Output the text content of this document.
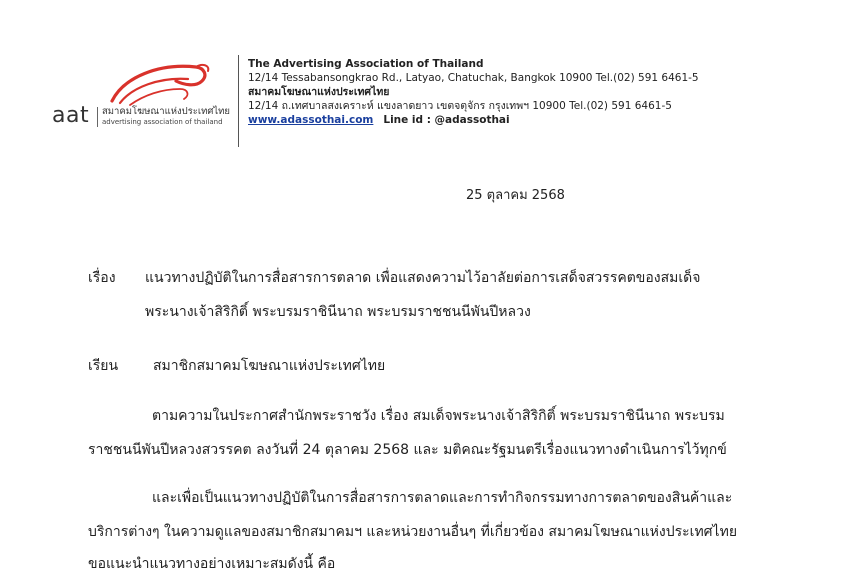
aat สมาคมโฆษณาแห่งประเทศไทย
advertising association of thailand
The Advertising Association of Thailand
12/14 Tessabansongkrao Rd., Latyao, Chatuchak, Bangkok 10900 Tel.(02) 591 6461-5
สมาคมโฆษณาแห่งประเทศไทย
12/14 ถ.เทศบาลสงเคราะห์ แขงลาดยาว เขตจตุจักร กรุงเทพฯ 10900 Tel.(02) 591 6461-5
www.adassothai.com Line id : @adassothai
25 ตุลาคม 2568
เรื่อง แนวทางปฏิบัติในการสื่อสารการตลาด เพื่อแสดงความไว้อาลัยต่อการเสด็จสวรรคตของสมเด็จ
พระนางเจ้าสิริกิติ์ พระบรมราชินีนาถ พระบรมราชชนนีพันปีหลวง
เรียน สมาชิกสมาคมโฆษณาแห่งประเทศไทย
ตามความในประกาศสำนักพระราชวัง เรื่อง สมเด็จพระนางเจ้าสิริกิติ์ พระบรมราชินีนาถ พระบรม
ราชชนนีพันปีหลวงสวรรคต ลงวันที่ 24 ตุลาคม 2568 และ มติคณะรัฐมนตรีเรื่องแนวทางดำเนินการไว้ทุกข์
และเพื่อเป็นแนวทางปฏิบัติในการสื่อสารการตลาดและการทำกิจกรรมทางการตลาดของสินค้าและ
บริการต่างๆ ในความดูแลของสมาชิกสมาคมฯ และหน่วยงานอื่นๆ ที่เกี่ยวข้อง สมาคมโฆษณาแห่งประเทศไทย
ขอแนะนำแนวทางอย่างเหมาะสมดังนี้ คือ
